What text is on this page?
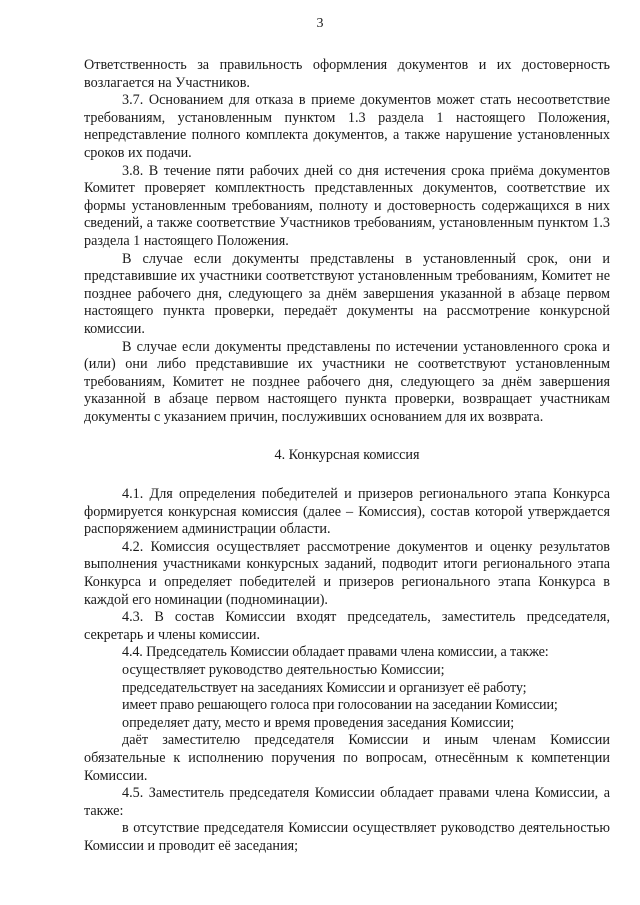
3

Ответственность за правильность оформления документов и их достоверность возлагается на Участников.

3.7. Основанием для отказа в приеме документов может стать несоответствие требованиям, установленным пунктом 1.3 раздела 1 настоящего Положения, непредставление полного комплекта документов, а также нарушение установленных сроков их подачи.

3.8. В течение пяти рабочих дней со дня истечения срока приёма документов Комитет проверяет комплектность представленных документов, соответствие их формы установленным требованиям, полноту и достоверность содержащихся в них сведений, а также соответствие Участников требованиям, установленным пунктом 1.3 раздела 1 настоящего Положения.

В случае если документы представлены в установленный срок, они и представившие их участники соответствуют установленным требованиям, Комитет не позднее рабочего дня, следующего за днём завершения указанной в абзаце первом настоящего пункта проверки, передаёт документы на рассмотрение конкурсной комиссии.

В случае если документы представлены по истечении установленного срока и (или) они либо представившие их участники не соответствуют установленным требованиям, Комитет не позднее рабочего дня, следующего за днём завершения указанной в абзаце первом настоящего пункта проверки, возвращает участникам документы с указанием причин, послуживших основанием для их возврата.

4. Конкурсная комиссия

4.1. Для определения победителей и призеров регионального этапа Конкурса формируется конкурсная комиссия (далее – Комиссия), состав которой утверждается распоряжением администрации области.

4.2. Комиссия осуществляет рассмотрение документов и оценку результатов выполнения участниками конкурсных заданий, подводит итоги регионального этапа Конкурса и определяет победителей и призеров регионального этапа Конкурса в каждой его номинации (подноминации).

4.3. В состав Комиссии входят председатель, заместитель председателя, секретарь и члены комиссии.

4.4. Председатель Комиссии обладает правами члена комиссии, а также:

осуществляет руководство деятельностью Комиссии;

председательствует на заседаниях Комиссии и организует её работу;

имеет право решающего голоса при голосовании на заседании Комиссии;

определяет дату, место и время проведения заседания Комиссии;

даёт заместителю председателя Комиссии и иным членам Комиссии обязательные к исполнению поручения по вопросам, отнесённым к компетенции Комиссии.

4.5. Заместитель председателя Комиссии обладает правами члена Комиссии, а также:

в отсутствие председателя Комиссии осуществляет руководство деятельностью Комиссии и проводит её заседания;
